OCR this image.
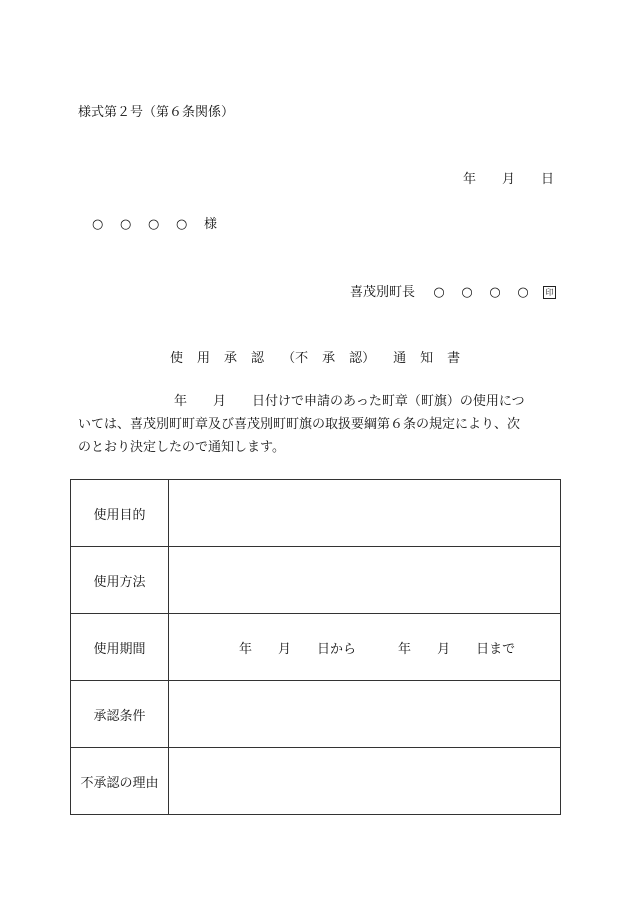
様式第２号（第６条関係）
年 月 日
○ ○ ○ ○ 様
喜茂別町長 ○ ○ ○ ○ 印
使 用 承 認 （不 承 認） 通 知 書
年 月 日付けで申請のあった町章（町旗）の使用につ
いては、喜茂別町町章及び喜茂別町町旗の取扱要綱第６条の規定により、次
のとおり決定したので通知します。
使用目的	
使用方法	
使用期間	年 月 日から 年 月 日まで
承認条件	
不承認の理由	
